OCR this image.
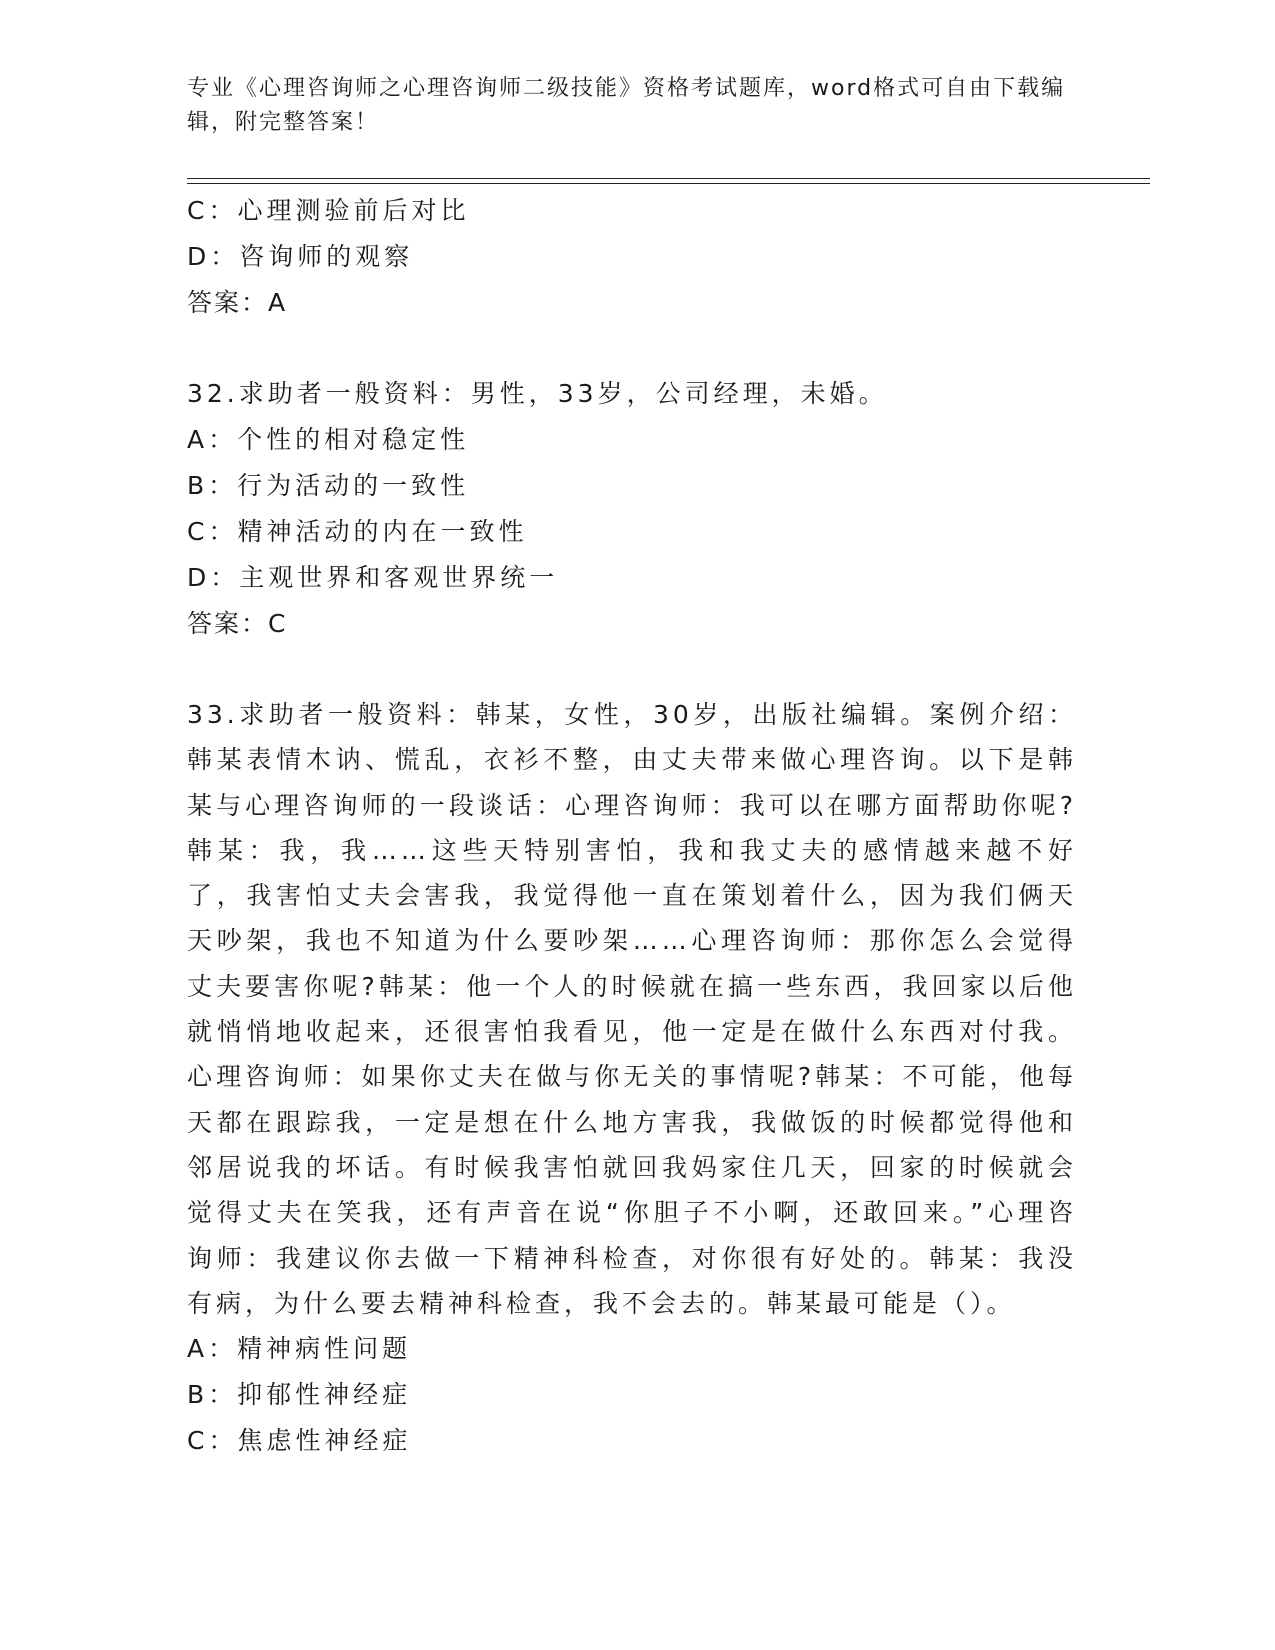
专业《心理咨询师之心理咨询师二级技能》资格考试题库，word格式可自由下载编辑，附完整答案！
C：心理测验前后对比
D：咨询师的观察
答案：A
32.求助者一般资料：男性，33岁，公司经理，未婚。
A：个性的相对稳定性
B：行为活动的一致性
C：精神活动的内在一致性
D：主观世界和客观世界统一
答案：C
33.求助者一般资料：韩某，女性，30岁，出版社编辑。案例介绍：韩某表情木讷、慌乱，衣衫不整，由丈夫带来做心理咨询。以下是韩某与心理咨询师的一段谈话：心理咨询师：我可以在哪方面帮助你呢?韩某：我，我……这些天特别害怕，我和我丈夫的感情越来越不好了，我害怕丈夫会害我，我觉得他一直在策划着什么，因为我们俩天天吵架，我也不知道为什么要吵架……心理咨询师：那你怎么会觉得丈夫要害你呢?韩某：他一个人的时候就在搞一些东西，我回家以后他就悄悄地收起来，还很害怕我看见，他一定是在做什么东西对付我。心理咨询师：如果你丈夫在做与你无关的事情呢?韩某：不可能，他每天都在跟踪我，一定是想在什么地方害我，我做饭的时候都觉得他和邻居说我的坏话。有时候我害怕就回我妈家住几天，回家的时候就会觉得丈夫在笑我，还有声音在说“你胆子不小啊，还敢回来。”心理咨询师：我建议你去做一下精神科检查，对你很有好处的。韩某：我没有病，为什么要去精神科检查，我不会去的。韩某最可能是（）。
A：精神病性问题
B：抑郁性神经症
C：焦虑性神经症
